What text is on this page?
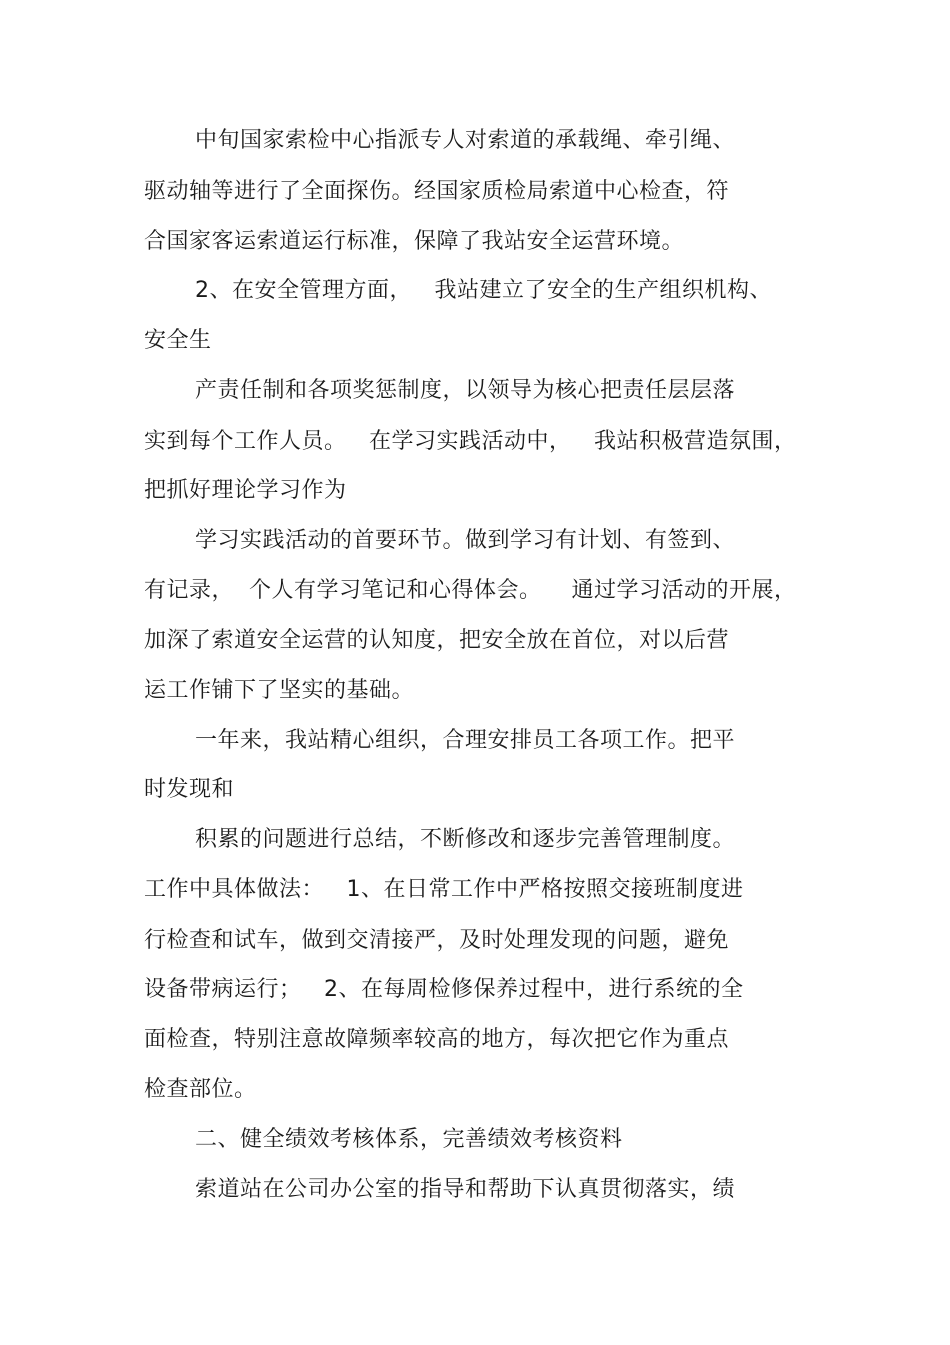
中旬国家索检中心指派专人对索道的承载绳、牵引绳、

驱动轴等进行了全面探伤。经国家质检局索道中心检查，符

合国家客运索道运行标准，保障了我站安全运营环境。

2、在安全管理方面，   我站建立了安全的生产组织机构、

安全生

产责任制和各项奖惩制度，以领导为核心把责任层层落

实到每个工作人员。   在学习实践活动中，   我站积极营造氛围，

把抓好理论学习作为

学习实践活动的首要环节。做到学习有计划、有签到、

有记录，  个人有学习笔记和心得体会。    通过学习活动的开展，

加深了索道安全运营的认知度，把安全放在首位，对以后营

运工作铺下了坚实的基础。

一年来，我站精心组织，合理安排员工各项工作。把平

时发现和

积累的问题进行总结，不断修改和逐步完善管理制度。

工作中具体做法：   1、在日常工作中严格按照交接班制度进

行检查和试车，做到交清接严，及时处理发现的问题，避免

设备带病运行；   2、在每周检修保养过程中，进行系统的全

面检查，特别注意故障频率较高的地方，每次把它作为重点

检查部位。

二、健全绩效考核体系，完善绩效考核资料

索道站在公司办公室的指导和帮助下认真贯彻落实，绩
